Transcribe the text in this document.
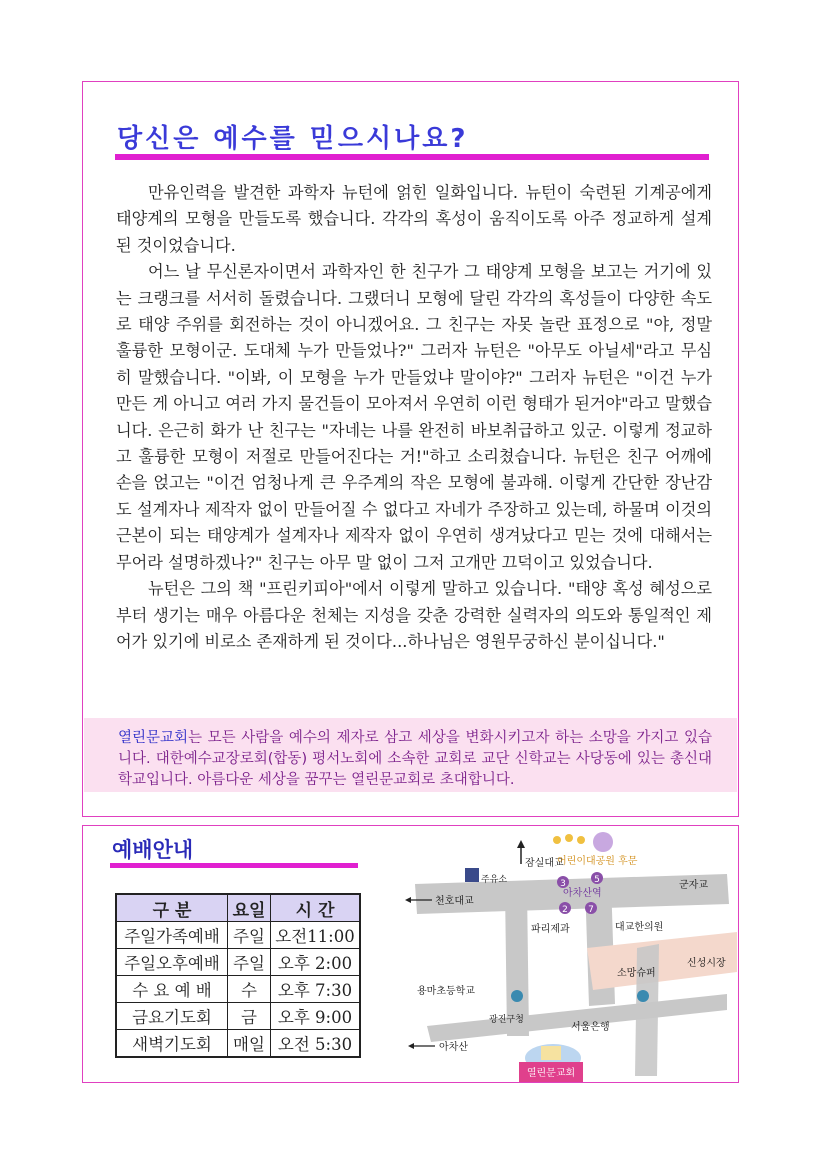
당신은 예수를 믿으시나요?

만유인력을 발견한 과학자 뉴턴에 얽힌 일화입니다. 뉴턴이 숙련된 기계공에게 태양계의 모형을 만들도록 했습니다. 각각의 혹성이 움직이도록 아주 정교하게 설계된 것이었습니다.

어느 날 무신론자이면서 과학자인 한 친구가 그 태양계 모형을 보고는 거기에 있는 크랭크를 서서히 돌렸습니다. 그랬더니 모형에 달린 각각의 혹성들이 다양한 속도로 태양 주위를 회전하는 것이 아니겠어요. 그 친구는 자못 놀란 표정으로 "야, 정말 훌륭한 모형이군. 도대체 누가 만들었나?" 그러자 뉴턴은 "아무도 아닐세"라고 무심히 말했습니다. "이봐, 이 모형을 누가 만들었냐 말이야?" 그러자 뉴턴은 "이건 누가 만든 게 아니고 여러 가지 물건들이 모아져서 우연히 이런 형태가 된거야"라고 말했습니다. 은근히 화가 난 친구는 "자네는 나를 완전히 바보취급하고 있군. 이렇게 정교하고 훌륭한 모형이 저절로 만들어진다는 거!"하고 소리쳤습니다. 뉴턴은 친구 어깨에 손을 얹고는 "이건 엄청나게 큰 우주계의 작은 모형에 불과해. 이렇게 간단한 장난감도 설계자나 제작자 없이 만들어질 수 없다고 자네가 주장하고 있는데, 하물며 이것의 근본이 되는 태양계가 설계자나 제작자 없이 우연히 생겨났다고 믿는 것에 대해서는 무어라 설명하겠나?" 친구는 아무 말 없이 그저 고개만 끄덕이고 있었습니다.

뉴턴은 그의 책 "프린키피아"에서 이렇게 말하고 있습니다. "태양 혹성 혜성으로부터 생기는 매우 아름다운 천체는 지성을 갖춘 강력한 실력자의 의도와 통일적인 제어가 있기에 비로소 존재하게 된 것이다...하나님은 영원무궁하신 분이십니다."

열린문교회는 모든 사람을 예수의 제자로 삼고 세상을 변화시키고자 하는 소망을 가지고 있습니다. 대한예수교장로회(합동) 평서노회에 소속한 교회로 교단 신학교는 사당동에 있는 총신대학교입니다. 아름다운 세상을 꿈꾸는 열린문교회로 초대합니다.
예배안내
구 분	요일	시 간
주일가족예배	주일	오전11:00
주일오후예배	주일	오후 2:00
수 요 예 배	수	오후 7:30
금요기도회	금	오후 9:00
새벽기도회	매일	오전 5:30
3	5
2 7
잠실대교
어린이대공원 후문
군자교
천호대교
아차산역
주유소
파리제과	대교한의원
소망슈퍼
신성시장
용마초등학교
광진구청
아차산
서울은행
열린문교회
